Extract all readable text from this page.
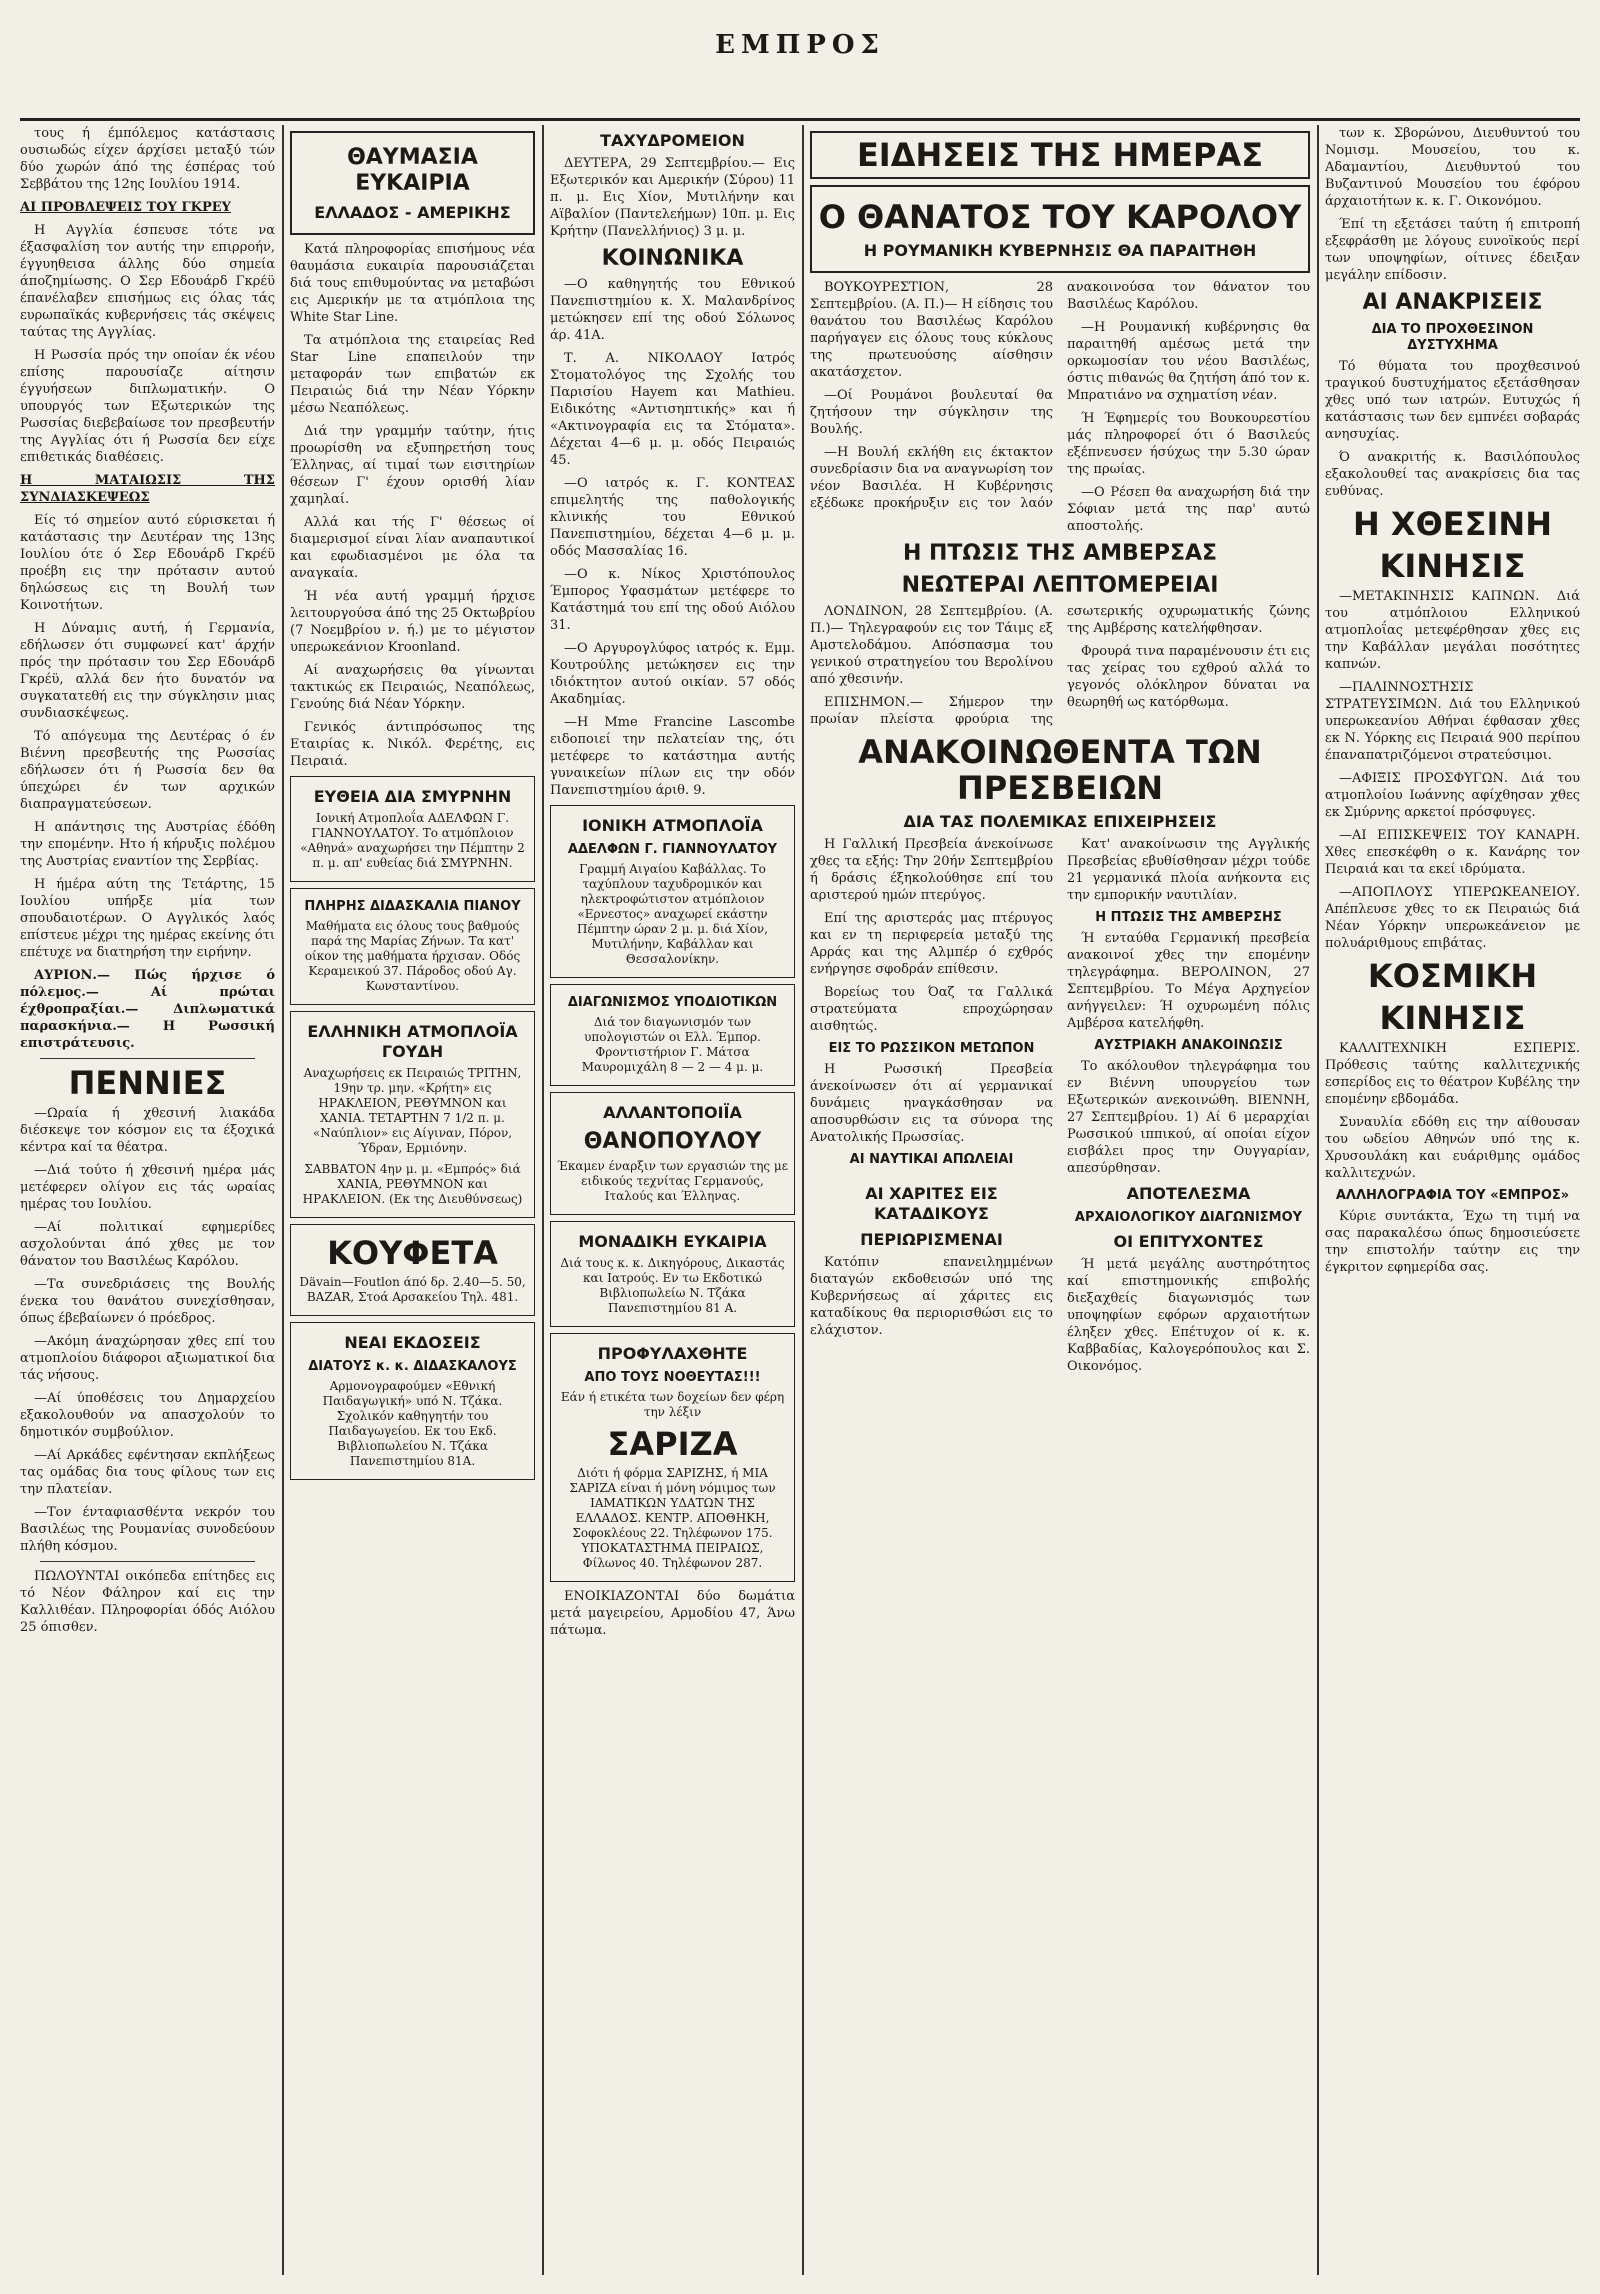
ΕΜΠΡΟΣ

τους ή έμπόλεμος κατάστασις ουσιωδώς είχεν άρχίσει μεταξύ τών δύο χωρών άπό της έσπέρας τού Σεββάτου της 12ης Ιουλίου 1914.

ΑΙ ΠΡΟΒΛΕΨΕΙΣ ΤΟΥ ΓΚΡΕΥ

Η Αγγλία έσπευσε τότε να έξασφαλίση τον αυτής την επιρροήν, έγγυηθεισα άλλης δύο σημεία άποζημίωσης. Ο Σερ Εδουάρδ Γκρέϋ έπανέλαβεν επισήμως εις όλας τάς ευρωπαϊκάς κυβερνήσεις τάς σκέψεις ταύτας της Αγγλίας.

Η Ρωσσία πρός την οποίαν έκ νέου επίσης παρουσίαζε αίτησιν έγγυήσεων διπλωματικήν. Ο υπουργός των Εξωτερικών της Ρωσσίας διεβεβαίωσε τον πρεσβευτήν της Αγγλίας ότι ή Ρωσσία δεν είχε επιθετικάς διαθέσεις.

Η ΜΑΤΑΙΩΣΙΣ ΤΗΣ ΣΥΝΔΙΑΣΚΕΨΕΩΣ

Είς τό σημείον αυτό εύρισκεται ή κατάστασις την Δευτέραν της 13ης Ιουλίου ότε ό Σερ Εδουάρδ Γκρέϋ προέβη εις την πρότασιν αυτού δηλώσεως εις τη Βουλή των Κοινοτήτων.

Η Δύναμις αυτή, ή Γερμανία, εδήλωσεν ότι συμφωνεί κατ' άρχήν πρός την πρότασιν του Σερ Εδουάρδ Γκρέϋ, αλλά δεν ήτο δυνατόν να συγκατατεθή εις την σύγκλησιν μιας συνδιασκέψεως.

Τό απόγευμα της Δευτέρας ό έν Βιέννη πρεσβευτής της Ρωσσίας εδήλωσεν ότι ή Ρωσσία δεν θα ύπεχώρει έν των αρχικών διαπραγματεύσεων.

Η απάντησις της Αυστρίας έδόθη την επομένην. Ητο ή κήρυξις πολέμου της Αυστρίας εναντίον της Σερβίας.

Η ήμέρα αύτη της Τετάρτης, 15 Ιουλίου υπήρξε μία των σπουδαιοτέρων. Ο Αγγλικός λαός επίστευε μέχρι της ημέρας εκείνης ότι επέτυχε να διατηρήση την ειρήνην.

ΑΥΡΙΟΝ.— Πώς ήρχισε ό πόλεμος.— Αί πρώται έχθροπραξίαι.— Διπλωματικά παρασκήνια.— Η Ρωσσική επιστράτευσις.

ΠΕΝΝΙΕΣ

—Ωραία ή χθεσινή λιακάδα διέσκεψε τον κόσμον εις τα έξοχικά κέντρα καί τα θέατρα.

—Διά τούτο ή χθεσινή ημέρα μάς μετέφερεν ολίγον εις τάς ωραίας ημέρας του Ιουλίου.

—Αί πολιτικαί εφημερίδες ασχολούνται άπό χθες με τον θάνατον του Βασιλέως Καρόλου.

—Τα συνεδριάσεις της Βουλής ένεκα του θανάτου συνεχίσθησαν, όπως έβεβαίωνεν ό πρόεδρος.

—Ακόμη άναχώρησαν χθες επί του ατμοπλοίου διάφοροι αξιωματικοί δια τάς νήσους.

—Αί ύποθέσεις του Δημαρχείου εξακολουθούν να απασχολούν το δημοτικόν συμβούλιον.

—Αί Αρκάδες εφέντησαν εκπλήξεως τας ομάδας δια τους φίλους των εις την πλατείαν.

—Τον ένταφιασθέντα νεκρόν του Βασιλέως της Ρουμανίας συνοδεύουν πλήθη κόσμου.

ΠΩΛΟΥΝΤΑΙ οικόπεδα επίτηδες εις τό Νέον Φάληρον καί εις την Καλλιθέαν. Πληροφορίαι όδός Αιόλου 25 όπισθεν.

ΘΑΥΜΑΣΙΑ ΕΥΚΑΙΡΙΑ
ΕΛΛΑΔΟΣ - ΑΜΕΡΙΚΗΣ

Κατά πληροφορίας επισήμους νέα θαυμάσια ευκαιρία παρουσιάζεται διά τους επιθυμούντας να μεταβώσι εις Αμερικήν με τα ατμόπλοια της White Star Line.

Τα ατμόπλοια της εταιρείας Red Star Line επαπειλούν την μεταφοράν των επιβατών εκ Πειραιώς διά την Νέαν Υόρκην μέσω Νεαπόλεως.

Διά την γραμμήν ταύτην, ήτις προωρίσθη να εξυπηρετήση τους Έλληνας, αί τιμαί των εισιτηρίων θέσεων Γ' έχουν ορισθή λίαν χαμηλαί.

Αλλά και τής Γ' θέσεως οί διαμερισμοί είναι λίαν αναπαυτικοί και εφωδιασμένοι με όλα τα αναγκαία.

Ή νέα αυτή γραμμή ήρχισε λειτουργούσα άπό της 25 Οκτωβρίου (7 Νοεμβρίου ν. ή.) με το μέγιστον υπερωκεάνιον Kroonland.

Αί αναχωρήσεις θα γίνωνται τακτικώς εκ Πειραιώς, Νεαπόλεως, Γενούης διά Νέαν Υόρκην.

Γενικός άντιπρόσωπος της Εταιρίας κ. Νικόλ. Φερέτης, εις Πειραιά.

ΕΥΘΕΙΑ ΔΙΑ ΣΜΥΡΝΗΝ

Ιονική Ατμοπλοΐα ΑΔΕΛΦΩΝ Γ. ΓΙΑΝΝΟΥΛΑΤΟΥ. Το ατμόπλοιον «Αθηνά» αναχωρήσει την Πέμπτην 2 π. μ. απ' ευθείας διά ΣΜΥΡΝΗΝ.

ΠΛΗΡΗΣ ΔΙΔΑΣΚΑΛΙΑ ΠΙΑΝΟΥ

Μαθήματα εις όλους τους βαθμούς παρά της Μαρίας Ζήνων. Τα κατ' οίκον της μαθήματα ήρχισαν. Οδός Κεραμεικού 37. Πάροδος οδού Αγ. Κωνσταντίνου.

ΕΛΛΗΝΙΚΗ ΑΤΜΟΠΛΟΪΑ ΓΟΥΔΗ

Αναχωρήσεις εκ Πειραιώς ΤΡΙΤΗΝ, 19ην τρ. μην. «Κρήτη» εις ΗΡΑΚΛΕΙΟΝ, ΡΕΘΥΜΝΟΝ και ΧΑΝΙΑ. ΤΕΤΑΡΤΗΝ 7 1/2 π. μ. «Ναύπλιον» εις Αίγιναν, Πόρον, Ύδραν, Ερμιόνην.

ΣΑΒΒΑΤΟΝ 4ην μ. μ. «Εμπρός» διά ΧΑΝΙΑ, ΡΕΘΥΜΝΟΝ και ΗΡΑΚΛΕΙΟΝ. (Εκ της Διευθύνσεως)

ΚΟΥΦΕΤΑ

Dävain—Foutlon άπό δρ. 2.40—5. 50, BAZAR, Στοά Αρσακείου Τηλ. 481.

ΝΕΑΙ ΕΚΔΟΣΕΙΣ
ΔΙΑΤΟΥΣ κ. κ. ΔΙΔΑΣΚΑΛΟΥΣ

Αρμονογραφούμεν «Εθνική Παιδαγωγική» υπό Ν. Τζάκα. Σχολικόν καθηγητήν του Παιδαγωγείου. Εκ του Εκδ. Βιβλιοπωλείου Ν. Τζάκα Πανεπιστημίου 81Α.

ΤΑΧΥΔΡΟΜΕΙΟΝ

ΔΕΥΤΕΡΑ, 29 Σεπτεμβρίου.— Εις Εξωτερικόν και Αμερικήν (Σύρου) 11 π. μ. Εις Χίον, Μυτιλήνην και Αϊβαλίον (Παντελεήμων) 10π. μ. Εις Κρήτην (Πανελλήνιος) 3 μ. μ.

ΚΟΙΝΩΝΙΚΑ

—Ο καθηγητής του Εθνικού Πανεπιστημίου κ. Χ. Μαλανδρίνος μετώκησεν επί της οδού Σόλωνος άρ. 41Α.

Τ. Α. ΝΙΚΟΛΑΟΥ Ιατρός Στοματολόγος της Σχολής του Παρισίου Hayem και Mathieu. Ειδικότης «Αντισηπτικής» και ή «Ακτινογραφία εις τα Στόματα». Δέχεται 4—6 μ. μ. οδός Πειραιώς 45.

—Ο ιατρός κ. Γ. ΚΟΝΤΕΑΣ επιμελητής της παθολογικής κλινικής του Εθνικού Πανεπιστημίου, δέχεται 4—6 μ. μ. οδός Μασσαλίας 16.

—Ο κ. Νίκος Χριστόπουλος Έμπορος Υφασμάτων μετέφερε το Κατάστημά του επί της οδού Αιόλου 31.

—Ο Αργυρογλύφος ιατρός κ. Εμμ. Κουτρούλης μετώκησεν εις την ιδιόκτητον αυτού οικίαν. 57 οδός Ακαδημίας.

—Η Mme Francine Lascombe ειδοποιεί την πελατείαν της, ότι μετέφερε το κατάστημα αυτής γυναικείων πίλων εις την οδόν Πανεπιστημίου άριθ. 9.

ΙΟΝΙΚΗ ΑΤΜΟΠΛΟΪΑ
ΑΔΕΛΦΩΝ Γ. ΓΙΑΝΝΟΥΛΑΤΟΥ

Γραμμή Αιγαίου Καβάλλας. Το ταχύπλουν ταχυδρομικόν και ηλεκτροφώτιστον ατμόπλοιον «Ερνεστος» αναχωρεί εκάστην Πέμπτην ώραν 2 μ. μ. διά Χίον, Μυτιλήνην, Καβάλλαν και Θεσσαλονίκην.

ΔΙΑΓΩΝΙΣΜΟΣ ΥΠΟΔΙΟΤΙΚΩΝ

Διά τον διαγωνισμόν των υπολογιστών οι Ελλ. Έμπορ. Φροντιστήριον Γ. Μάτσα Μαυρομιχάλη 8 — 2 — 4 μ. μ.

ΑΛΛΑΝΤΟΠΟΙΪΑ
ΘΑΝΟΠΟΥΛΟΥ

Έκαμεν έναρξιν των εργασιών της με ειδικούς τεχνίτας Γερμανούς, Ιταλούς και Έλληνας.

ΜΟΝΑΔΙΚΗ ΕΥΚΑΙΡΙΑ

Διά τους κ. κ. Δικηγόρους, Δικαστάς και Ιατρούς. Εν τω Εκδοτικώ Βιβλιοπωλείω Ν. Τζάκα Πανεπιστημίου 81 Α.

ΠΡΟΦΥΛΑΧΘΗΤΕ
ΑΠΟ ΤΟΥΣ ΝΟΘΕΥΤΑΣ!!!

Εάν ή ετικέτα των δοχείων δεν φέρη την λέξιν

ΣΑΡΙΖΑ

Διότι ή φόρμα ΣΑΡΙΖΗΣ, ή ΜΙΑ ΣΑΡΙΖΑ είναι ή μόνη νόμιμος των ΙΑΜΑΤΙΚΩΝ ΥΔΑΤΩΝ ΤΗΣ ΕΛΛΑΔΟΣ. ΚΕΝΤΡ. ΑΠΟΘΗΚΗ, Σοφοκλέους 22. Τηλέφωνον 175. ΥΠΟΚΑΤΑΣΤΗΜΑ ΠΕΙΡΑΙΩΣ, Φίλωνος 40. Τηλέφωνον 287.

ΕΝΟΙΚΙΑΖΟΝΤΑΙ δύο δωμάτια μετά μαγειρείου, Αρμοδίου 47, Άνω πάτωμα.

ΕΙΔΗΣΕΙΣ ΤΗΣ ΗΜΕΡΑΣ
Ο ΘΑΝΑΤΟΣ ΤΟΥ ΚΑΡΟΛΟΥ
Η ΡΟΥΜΑΝΙΚΗ ΚΥΒΕΡΝΗΣΙΣ ΘΑ ΠΑΡΑΙΤΗΘΗ

ΒΟΥΚΟΥΡΕΣΤΙΟΝ, 28 Σεπτεμβρίου. (Α. Π.)— Η είδησις του θανάτου του Βασιλέως Καρόλου παρήγαγεν εις όλους τους κύκλους της πρωτευούσης αίσθησιν ακατάσχετον.

—Οί Ρουμάνοι βουλευταί θα ζητήσουν την σύγκλησιν της Βουλής.

—Η Βουλή εκλήθη εις έκτακτον συνεδρίασιν δια να αναγνωρίση τον νέον Βασιλέα. Η Κυβέρνησις εξέδωκε προκήρυξιν εις τον λαόν ανακοινούσα τον θάνατον του Βασιλέως Καρόλου.

—Η Ρουμανική κυβέρνησις θα παραιτηθή αμέσως μετά την ορκωμοσίαν του νέου Βασιλέως, όστις πιθανώς θα ζητήση άπό τον κ. Μπρατιάνο να σχηματίση νέαν.

Ή Έφημερίς του Βουκουρεστίου μάς πληροφορεί ότι ό Βασιλεύς εξέπνευσεν ήσύχως την 5.30 ώραν της πρωίας.

—Ο Ρέσεπ θα αναχωρήση διά την Σόφιαν μετά της παρ' αυτώ αποστολής.

Η ΠΤΩΣΙΣ ΤΗΣ ΑΜΒΕΡΣΑΣ
ΝΕΩΤΕΡΑΙ ΛΕΠΤΟΜΕΡΕΙΑΙ

ΛΟΝΔΙΝΟΝ, 28 Σεπτεμβρίου. (Α. Π.)— Τηλεγραφούν εις τον Τάιμς εξ Αμστελοδάμου. Απόσπασμα του γενικού στρατηγείου του Βερολίνου από χθεσινήν.

ΕΠΙΣΗΜΟΝ.— Σήμερον την πρωίαν πλείστα φρούρια της εσωτερικής οχυρωματικής ζώνης της Αμβέρσης κατελήφθησαν.

Φρουρά τινα παραμένουσιν έτι εις τας χείρας του εχθρού αλλά το γεγονός ολόκληρον δύναται να θεωρηθή ως κατόρθωμα.

ΑΝΑΚΟΙΝΩΘΕΝΤΑ ΤΩΝ ΠΡΕΣΒΕΙΩΝ
ΔΙΑ ΤΑΣ ΠΟΛΕΜΙΚΑΣ ΕΠΙΧΕΙΡΗΣΕΙΣ

Η Γαλλική Πρεσβεία άνεκοίνωσε χθες τα εξής: Την 20ήν Σεπτεμβρίου ή δράσις έξηκολούθησε επί του αριστερού ημών πτερύγος.

Επί της αριστεράς μας πτέρυγος και εν τη περιφερεία μεταξύ της Αρράς και της Αλμπέρ ό εχθρός ενήργησε σφοδράν επίθεσιν.

Βορείως του Όαζ τα Γαλλικά στρατεύματα επροχώρησαν αισθητώς.

ΕΙΣ ΤΟ ΡΩΣΣΙΚΟΝ ΜΕΤΩΠΟΝ

Η Ρωσσική Πρεσβεία άνεκοίνωσεν ότι αί γερμανικαί δυνάμεις ηναγκάσθησαν να αποσυρθώσιν εις τα σύνορα της Ανατολικής Πρωσσίας.

ΑΙ ΝΑΥΤΙΚΑΙ ΑΠΩΛΕΙΑΙ

Κατ' ανακοίνωσιν της Αγγλικής Πρεσβείας εβυθίσθησαν μέχρι τούδε 21 γερμανικά πλοία ανήκοντα εις την εμπορικήν ναυτιλίαν.

Η ΠΤΩΣΙΣ ΤΗΣ ΑΜΒΕΡΣΗΣ

Ή ενταύθα Γερμανική πρεσβεία ανακοινοί χθες την επομένην τηλεγράφημα. ΒΕΡΟΛΙΝΟΝ, 27 Σεπτεμβρίου. Το Μέγα Αρχηγείον ανήγγειλεν: Ή οχυρωμένη πόλις Αμβέρσα κατελήφθη.

ΑΥΣΤΡΙΑΚΗ ΑΝΑΚΟΙΝΩΣΙΣ

Το ακόλουθον τηλεγράφημα του εν Βιέννη υπουργείου των Εξωτερικών ανεκοινώθη. ΒΙΕΝΝΗ, 27 Σεπτεμβρίου. 1) Αί 6 μεραρχίαι Ρωσσικού ιππικού, αί οποίαι είχον εισβάλει προς την Ουγγαρίαν, απεσύρθησαν.

ΑΙ ΧΑΡΙΤΕΣ ΕΙΣ ΚΑΤΑΔΙΚΟΥΣ
ΠΕΡΙΩΡΙΣΜΕΝΑΙ

Κατόπιν επανειλημμένων διαταγών εκδοθεισών υπό της Κυβερνήσεως αί χάριτες εις καταδίκους θα περιορισθώσι εις το ελάχιστον.

ΑΠΟΤΕΛΕΣΜΑ
ΑΡΧΑΙΟΛΟΓΙΚΟΥ ΔΙΑΓΩΝΙΣΜΟΥ
ΟΙ ΕΠΙΤΥΧΟΝΤΕΣ

Ή μετά μεγάλης αυστηρότητος καί επιστημονικής επιβολής διεξαχθείς διαγωνισμός των υποψηφίων εφόρων αρχαιοτήτων έληξεν χθες. Επέτυχον οί κ. κ. Καββαδίας, Καλογερόπουλος και Σ. Οικονόμος.

των κ. Σβορώνου, Διευθυντού του Νομισμ. Μουσείου, του κ. Αδαμαντίου, Διευθυντού του Βυζαντινού Μουσείου του έφόρου άρχαιοτήτων κ. κ. Γ. Οικονόμου.

Έπί τη εξετάσει ταύτη ή επιτροπή εξεφράσθη με λόγους ευνοϊκούς περί των υποψηφίων, οίτινες έδειξαν μεγάλην επίδοσιν.

ΑΙ ΑΝΑΚΡΙΣΕΙΣ
ΔΙΑ ΤΟ ΠΡΟΧΘΕΣΙΝΟΝ ΔΥΣΤΥΧΗΜΑ

Τό θύματα του προχθεσινού τραγικού δυστυχήματος εξετάσθησαν χθες υπό των ιατρών. Ευτυχώς ή κατάστασις των δεν εμπνέει σοβαράς ανησυχίας.

Ό ανακριτής κ. Βασιλόπουλος εξακολουθεί τας ανακρίσεις δια τας ευθύνας.

Η ΧΘΕΣΙΝΗ
ΚΙΝΗΣΙΣ

—ΜΕΤΑΚΙΝΗΣΙΣ ΚΑΠΝΩΝ. Διά του ατμόπλοιου Ελληνικού ατμοπλοΐας μετεφέρθησαν χθες εις την Καβάλλαν μεγάλαι ποσότητες καπνών.

—ΠΑΛΙΝΝΟΣΤΗΣΙΣ ΣΤΡΑΤΕΥΣΙΜΩΝ. Διά του Ελληνικού υπερωκεανίου Αθήναι έφθασαν χθες εκ Ν. Υόρκης εις Πειραιά 900 περίπου έπαναπατριζόμενοι στρατεύσιμοι.

—ΑΦΙΞΙΣ ΠΡΟΣΦΥΓΩΝ. Διά του ατμοπλοίου Ιωάννης αφίχθησαν χθες εκ Σμύρνης αρκετοί πρόσφυγες.

—ΑΙ ΕΠΙΣΚΕΨΕΙΣ ΤΟΥ ΚΑΝΑΡΗ. Χθες επεσκέφθη ο κ. Κανάρης τον Πειραιά και τα εκεί ιδρύματα.

—ΑΠΟΠΛΟΥΣ ΥΠΕΡΩΚΕΑΝΕΙΟΥ. Απέπλευσε χθες το εκ Πειραιώς διά Νέαν Υόρκην υπερωκεάνειον με πολυάριθμους επιβάτας.

ΚΟΣΜΙΚΗ
ΚΙΝΗΣΙΣ

ΚΑΛΛΙΤΕΧΝΙΚΗ ΕΣΠΕΡΙΣ. Πρόθεσις ταύτης καλλιτεχνικής εσπερίδος εις το θέατρον Κυβέλης την επομένην εβδομάδα.

Συναυλία εδόθη εις την αίθουσαν του ωδείου Αθηνών υπό της κ. Χρυσουλάκη και ευάριθμης ομάδος καλλιτεχνών.

ΑΛΛΗΛΟΓΡΑΦΙΑ ΤΟΥ «ΕΜΠΡΟΣ»

Κύριε συντάκτα, Έχω τη τιμή να σας παρακαλέσω όπως δημοσιεύσετε την επιστολήν ταύτην εις την έγκριτον εφημερίδα σας.
